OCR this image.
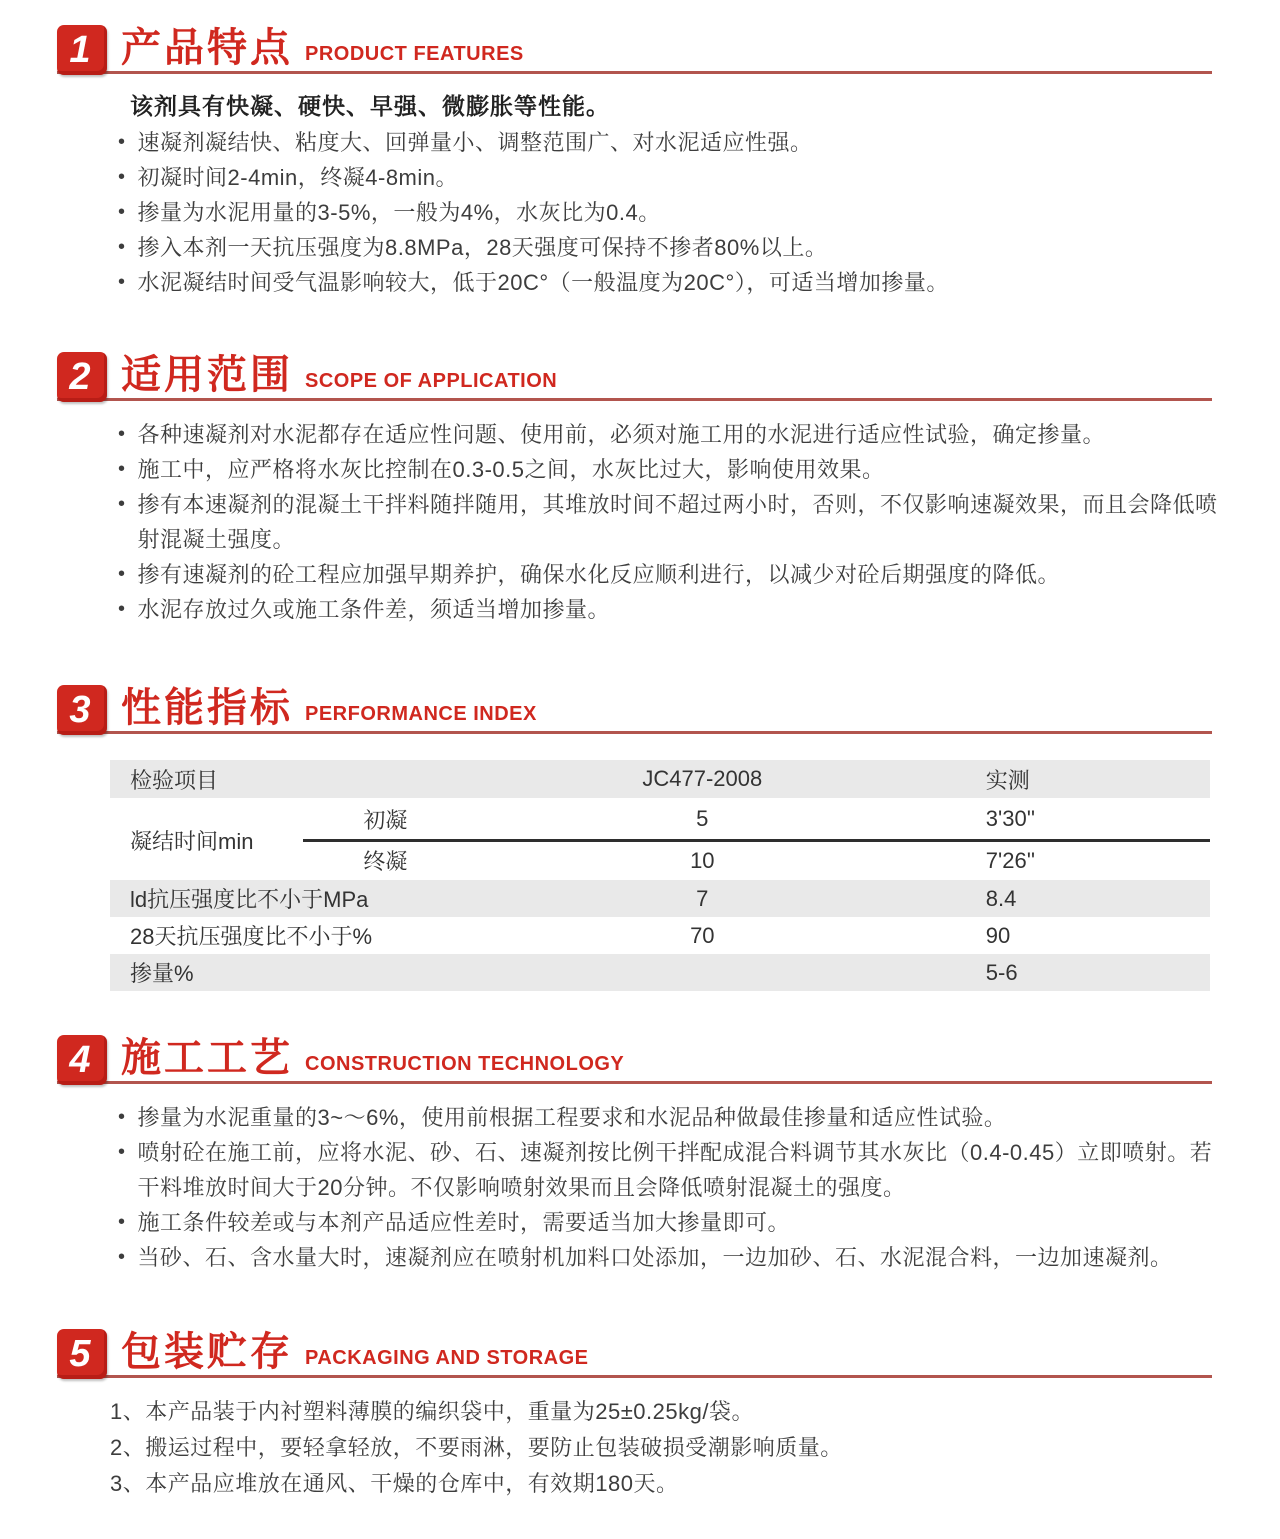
1 产品特点 PRODUCT FEATURES
该剂具有快凝、硬快、早强、微膨胀等性能。
• 速凝剂凝结快、粘度大、回弹量小、调整范围广、对水泥适应性强。
• 初凝时间2-4min，终凝4-8min。
• 掺量为水泥用量的3-5%，一般为4%，水灰比为0.4。
• 掺入本剂一天抗压强度为8.8MPa，28天强度可保持不掺者80%以上。
• 水泥凝结时间受气温影响较大，低于20C°（一般温度为20C°），可适当增加掺量。
2 适用范围 SCOPE OF APPLICATION
• 各种速凝剂对水泥都存在适应性问题、使用前，必须对施工用的水泥进行适应性试验，确定掺量。
• 施工中，应严格将水灰比控制在0.3-0.5之间，水灰比过大，影响使用效果。
• 掺有本速凝剂的混凝土干拌料随拌随用，其堆放时间不超过两小时，否则，不仅影响速凝效果，而且会降低喷射混凝土强度。
• 掺有速凝剂的砼工程应加强早期养护，确保水化反应顺利进行，以减少对砼后期强度的降低。
• 水泥存放过久或施工条件差，须适当增加掺量。
3 性能指标 PERFORMANCE INDEX
检验项目		JC477-2008	实测

凝结时间min	初凝	5	3'30''
	终凝	10	7'26''
ld抗压强度比不小于MPa		7	8.4
28天抗压强度比不小于%		70	90
掺量%			5-6
4 施工工艺 CONSTRUCTION TECHNOLOGY
• 掺量为水泥重量的3~～6%，使用前根据工程要求和水泥品种做最佳掺量和适应性试验。
• 喷射砼在施工前，应将水泥、砂、石、速凝剂按比例干拌配成混合料调节其水灰比（0.4-0.45）立即喷射。若干料堆放时间大于20分钟。不仅影响喷射效果而且会降低喷射混凝土的强度。
• 施工条件较差或与本剂产品适应性差时，需要适当加大掺量即可。
• 当砂、石、含水量大时，速凝剂应在喷射机加料口处添加，一边加砂、石、水泥混合料，一边加速凝剂。
5 包装贮存 PACKAGING AND STORAGE
1、本产品装于内衬塑料薄膜的编织袋中，重量为25±0.25kg/袋。
2、搬运过程中，要轻拿轻放，不要雨淋，要防止包装破损受潮影响质量。
3、本产品应堆放在通风、干燥的仓库中，有效期180天。
